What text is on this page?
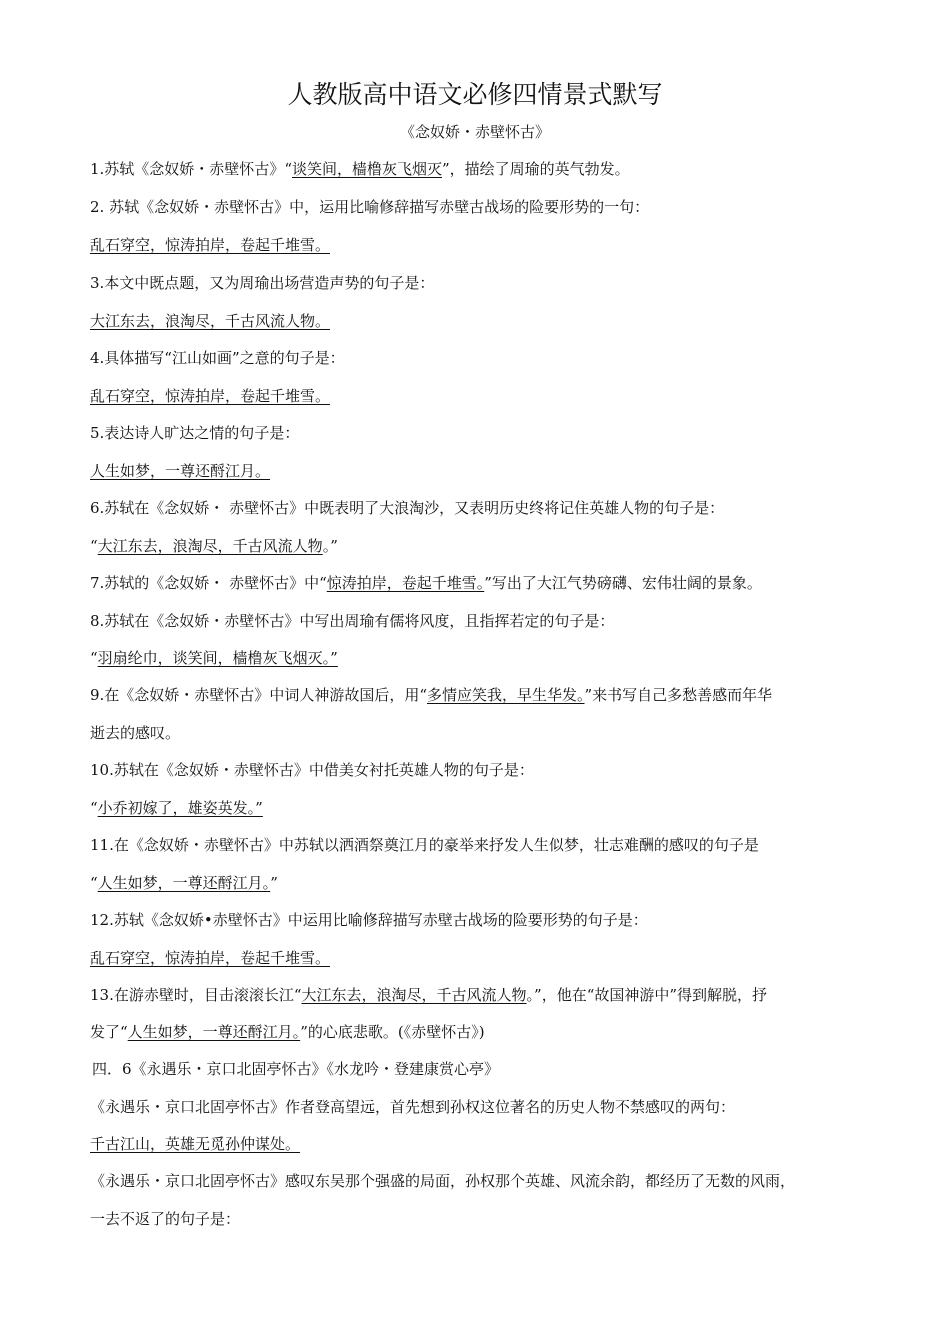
人教版高中语文必修四情景式默写
《念奴娇・赤壁怀古》
1.苏轼《念奴娇・赤壁怀古》“谈笑间，樯橹灰飞烟灭”，描绘了周瑜的英气勃发。
2. 苏轼《念奴娇・赤壁怀古》中，运用比喻修辞描写赤壁古战场的险要形势的一句：
乱石穿空，惊涛拍岸，卷起千堆雪。
3.本文中既点题，又为周瑜出场营造声势的句子是：
大江东去，浪淘尽，千古风流人物。
4.具体描写“江山如画”之意的句子是：
乱石穿空，惊涛拍岸，卷起千堆雪。
5.表达诗人旷达之情的句子是：
人生如梦，一尊还酹江月。
6.苏轼在《念奴娇・ 赤壁怀古》中既表明了大浪淘沙，又表明历史终将记住英雄人物的句子是：
“大江东去，浪淘尽，千古风流人物。”
7.苏轼的《念奴娇・ 赤壁怀古》中“惊涛拍岸，卷起千堆雪。”写出了大江气势磅礴、宏伟壮阔的景象。
8.苏轼在《念奴娇・赤壁怀古》中写出周瑜有儒将风度，且指挥若定的句子是：
“羽扇纶巾，谈笑间，樯橹灰飞烟灭。”
9.在《念奴娇・赤壁怀古》中词人神游故国后，用“多情应笑我，早生华发。”来书写自己多愁善感而年华
逝去的感叹。
10.苏轼在《念奴娇・赤壁怀古》中借美女衬托英雄人物的句子是：
“小乔初嫁了，雄姿英发。”
11.在《念奴娇・赤壁怀古》中苏轼以洒酒祭奠江月的豪举来抒发人生似梦，壮志难酬的感叹的句子是
“人生如梦，一尊还酹江月。”
12.苏轼《念奴娇•赤壁怀古》中运用比喻修辞描写赤壁古战场的险要形势的句子是：
乱石穿空，惊涛拍岸，卷起千堆雪。
13.在游赤壁时，目击滚滚长江“大江东去，浪淘尽，千古风流人物。”，他在“故国神游中”得到解脱，抒
发了“人生如梦，一尊还酹江月。”的心底悲歌。(《赤壁怀古》)
四．6《永遇乐・京口北固亭怀古》《水龙吟・登建康赏心亭》
《永遇乐・京口北固亭怀古》作者登高望远，首先想到孙权这位著名的历史人物不禁感叹的两句：
千古江山，英雄无觅孙仲谋处。
《永遇乐・京口北固亭怀古》感叹东吴那个强盛的局面，孙权那个英雄、风流余韵，都经历了无数的风雨，
一去不返了的句子是：
